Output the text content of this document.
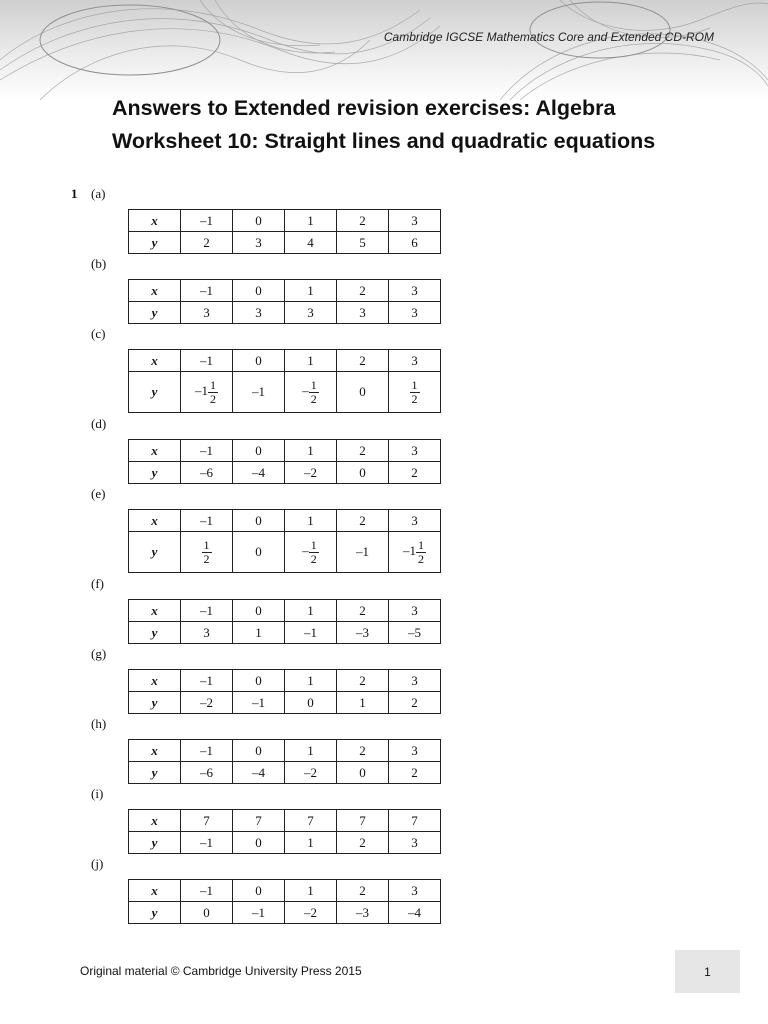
Cambridge IGCSE Mathematics Core and Extended CD-ROM
Answers to Extended revision exercises: Algebra
Worksheet 10: Straight lines and quadratic equations
1 (a)
x	–1	0	1	2	3
y	2	3	4	5	6
(b)
x	–1	0	1	2	3
y	3	3	3	3	3
(c)
x	–1	0	1	2	3
y	$-1 \frac{1}{2}$	–1	– $\frac{1}{2}$	0	$\frac{1}{2}$
(d)
x	–1	0	1	2	3
y	–6	–4	–2	0	2
(e)
x	–1	0	1	2	3
y	$\frac{1}{2}$	0	– $\frac{1}{2}$	–1	$-1 \frac{1}{2}$
(f)
x	–1	0	1	2	3
y	3	1	–1	–3	–5
(g)
x	–1	0	1	2	3
y	–2	–1	0	1	2
(h)
x	–1	0	1	2	3
y	–6	–4	–2	0	2
(i)
x	7	7	7	7	7
y	–1	0	1	2	3
(j)
x	–1	0	1	2	3
y	0	–1	–2	–3	–4
Original material © Cambridge University Press 2015	1
